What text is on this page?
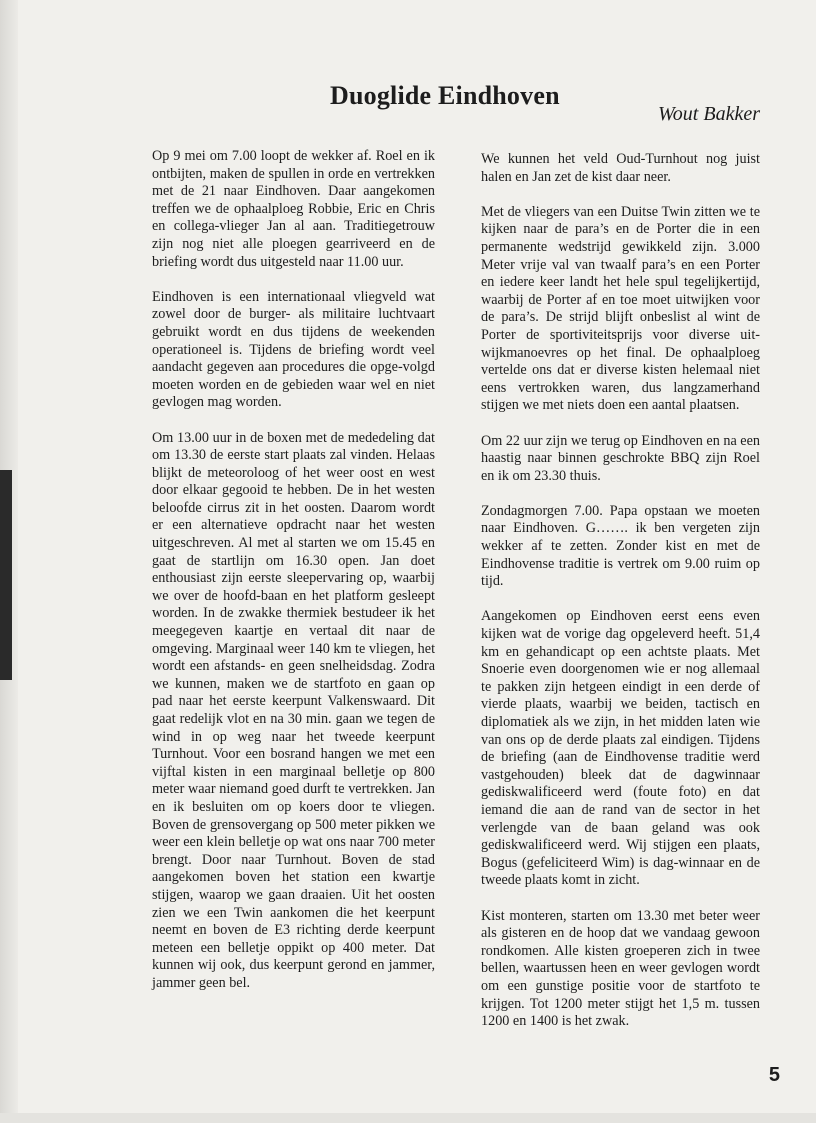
Duoglide Eindhoven
Wout Bakker

Op 9 mei om 7.00 loopt de wekker af. Roel en ik ontbijten, maken de spullen in orde en vertrekken met de 21 naar Eindhoven. Daar aangekomen treffen we de ophaalploeg Robbie, Eric en Chris en collega-vlieger Jan al aan. Traditiegetrouw zijn nog niet alle ploegen gearriveerd en de briefing wordt dus uitgesteld naar 11.00 uur.

Eindhoven is een internationaal vliegveld wat zowel door de burger- als militaire luchtvaart gebruikt wordt en dus tijdens de weekenden operationeel is. Tijdens de briefing wordt veel aandacht gegeven aan procedures die opge-volgd moeten worden en de gebieden waar wel en niet gevlogen mag worden.

Om 13.00 uur in de boxen met de mededeling dat om 13.30 de eerste start plaats zal vinden. Helaas blijkt de meteoroloog of het weer oost en west door elkaar gegooid te hebben. De in het westen beloofde cirrus zit in het oosten. Daarom wordt er een alternatieve opdracht naar het westen uitgeschreven. Al met al starten we om 15.45 en gaat de startlijn om 16.30 open. Jan doet enthousiast zijn eerste sleepervaring op, waarbij we over de hoofd-baan en het platform gesleept worden. In de zwakke thermiek bestudeer ik het meegegeven kaartje en vertaal dit naar de omgeving. Marginaal weer 140 km te vliegen, het wordt een afstands- en geen snelheidsdag. Zodra we kunnen, maken we de startfoto en gaan op pad naar het eerste keerpunt Valkenswaard. Dit gaat redelijk vlot en na 30 min. gaan we tegen de wind in op weg naar het tweede keerpunt Turnhout. Voor een bosrand hangen we met een vijftal kisten in een marginaal belletje op 800 meter waar niemand goed durft te vertrekken. Jan en ik besluiten om op koers door te vliegen. Boven de grensovergang op 500 meter pikken we weer een klein belletje op wat ons naar 700 meter brengt. Door naar Turnhout. Boven de stad aangekomen boven het station een kwartje stijgen, waarop we gaan draaien. Uit het oosten zien we een Twin aankomen die het keerpunt neemt en boven de E3 richting derde keerpunt meteen een belletje oppikt op 400 meter. Dat kunnen wij ook, dus keerpunt gerond en jammer, jammer geen bel.

We kunnen het veld Oud-Turnhout nog juist halen en Jan zet de kist daar neer.

Met de vliegers van een Duitse Twin zitten we te kijken naar de para’s en de Porter die in een permanente wedstrijd gewikkeld zijn. 3.000 Meter vrije val van twaalf para’s en een Porter en iedere keer landt het hele spul tegelijkertijd, waarbij de Porter af en toe moet uitwijken voor de para’s. De strijd blijft onbeslist al wint de Porter de sportiviteitsprijs voor diverse uit-wijkmanoevres op het final. De ophaalploeg vertelde ons dat er diverse kisten helemaal niet eens vertrokken waren, dus langzamerhand stijgen we met niets doen een aantal plaatsen.

Om 22 uur zijn we terug op Eindhoven en na een haastig naar binnen geschrokte BBQ zijn Roel en ik om 23.30 thuis.

Zondagmorgen 7.00. Papa opstaan we moeten naar Eindhoven. G……. ik ben vergeten zijn wekker af te zetten. Zonder kist en met de Eindhovense traditie is vertrek om 9.00 ruim op tijd.

Aangekomen op Eindhoven eerst eens even kijken wat de vorige dag opgeleverd heeft. 51,4 km en gehandicapt op een achtste plaats. Met Snoerie even doorgenomen wie er nog allemaal te pakken zijn hetgeen eindigt in een derde of vierde plaats, waarbij we beiden, tactisch en diplomatiek als we zijn, in het midden laten wie van ons op de derde plaats zal eindigen. Tijdens de briefing (aan de Eindhovense traditie werd vastgehouden) bleek dat de dagwinnaar gediskwalificeerd werd (foute foto) en dat iemand die aan de rand van de sector in het verlengde van de baan geland was ook gediskwalificeerd werd. Wij stijgen een plaats, Bogus (gefeliciteerd Wim) is dag-winnaar en de tweede plaats komt in zicht.

Kist monteren, starten om 13.30 met beter weer als gisteren en de hoop dat we vandaag gewoon rondkomen. Alle kisten groeperen zich in twee bellen, waartussen heen en weer gevlogen wordt om een gunstige positie voor de startfoto te krijgen. Tot 1200 meter stijgt het 1,5 m. tussen 1200 en 1400 is het zwak.

5
